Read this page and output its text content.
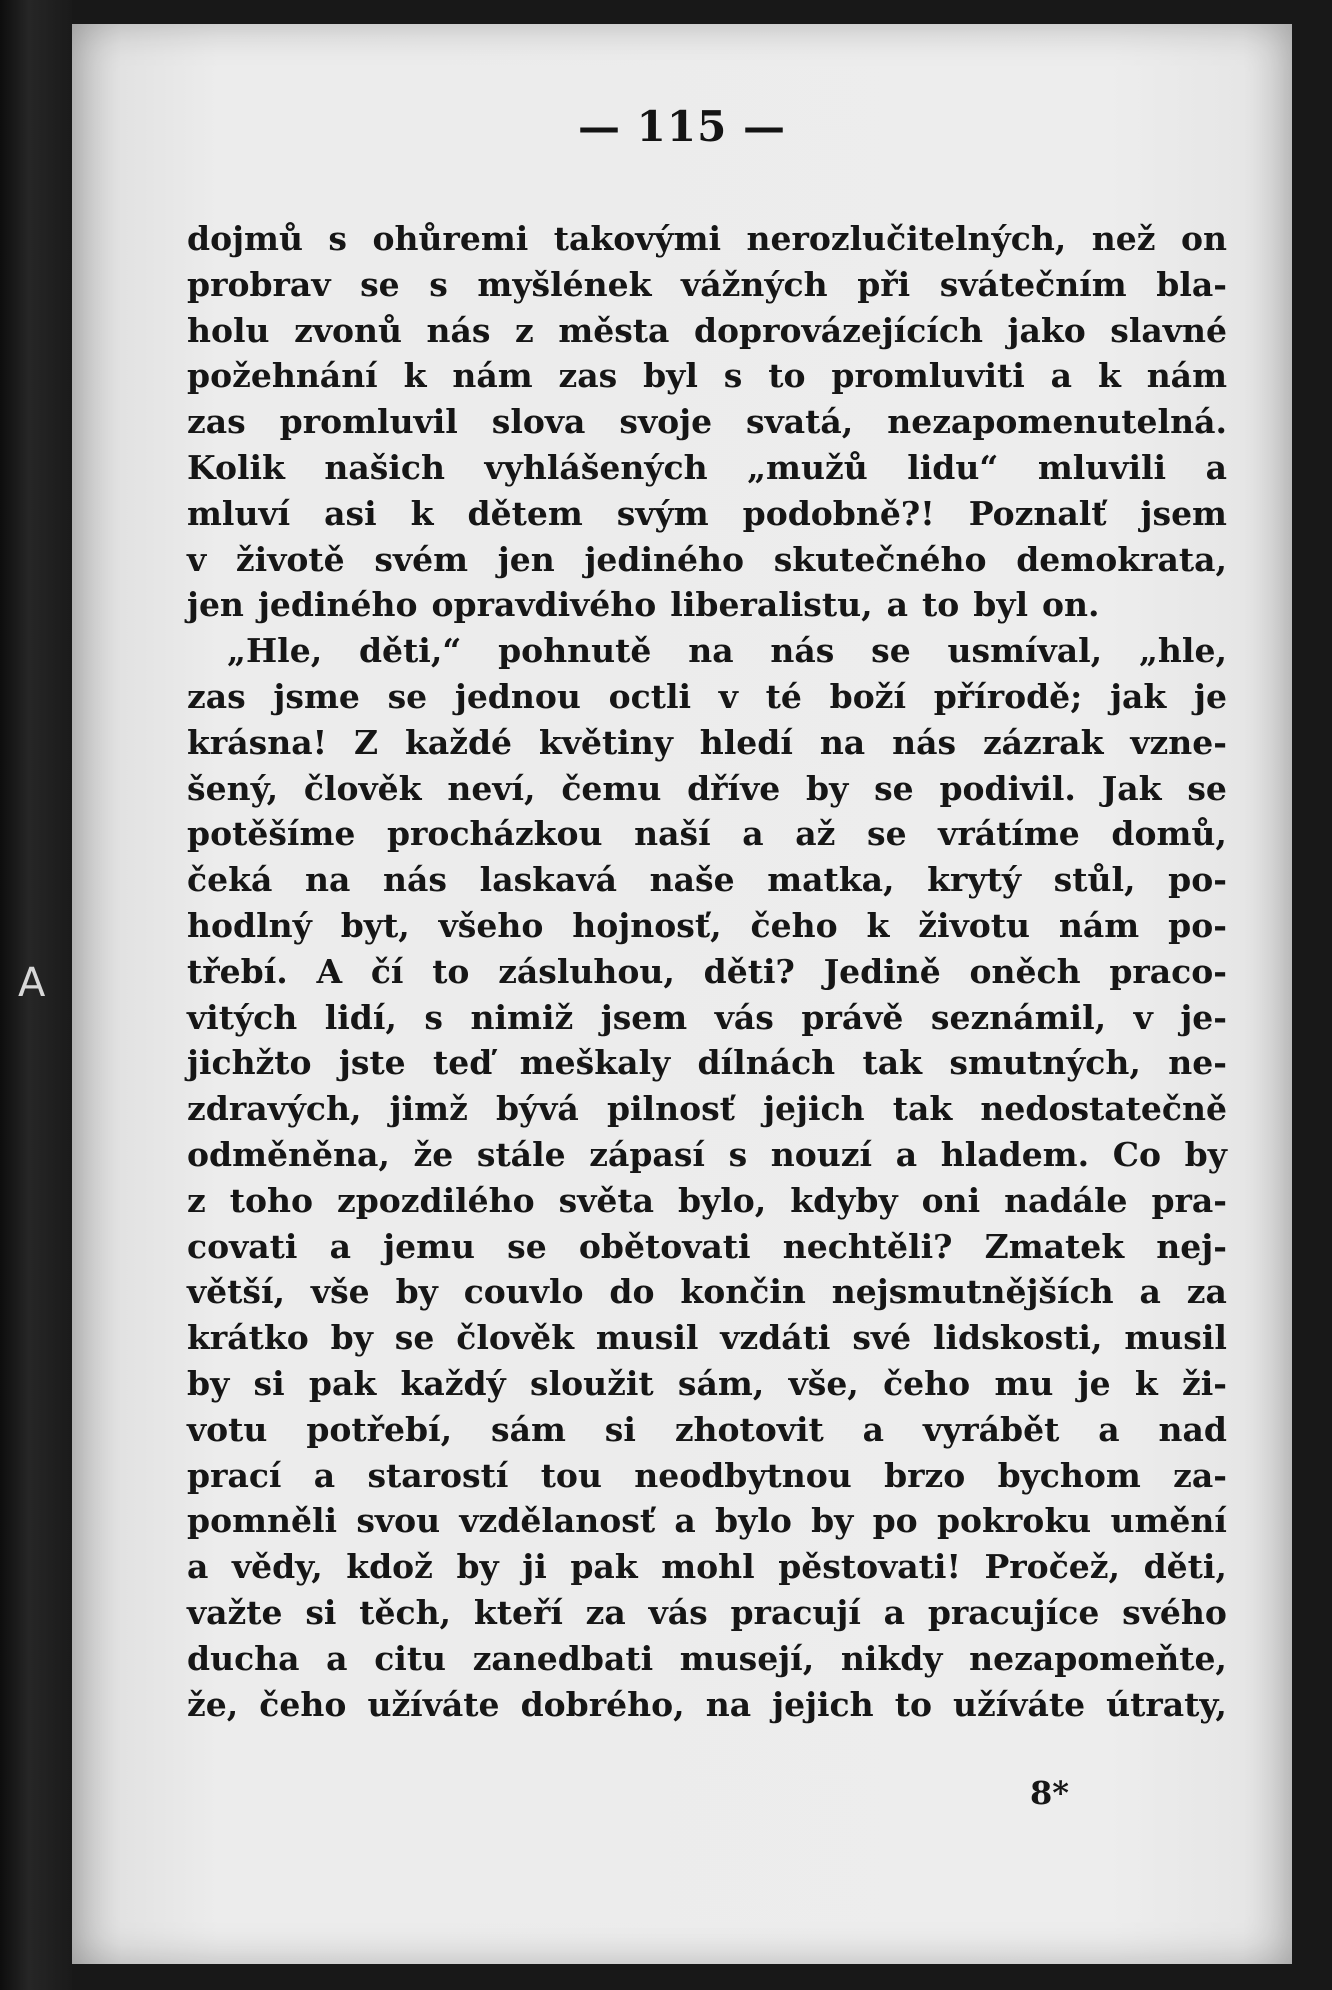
A
— 115 —
dojmů s ohůremi takovými nerozlučitelných, než on
probrav se s myšlének vážných při svátečním bla-
holu zvonů nás z města doprovázejících jako slavné
požehnání k nám zas byl s to promluviti a k nám
zas promluvil slova svoje svatá, nezapomenutelná.
Kolik našich vyhlášených „mužů lidu“ mluvili a
mluví asi k dětem svým podobně?! Poznalť jsem
v životě svém jen jediného skutečného demokrata,
jen jediného opravdivého liberalistu, a to byl on.
„Hle, děti,“ pohnutě na nás se usmíval, „hle,
zas jsme se jednou octli v té boží přírodě; jak je
krásna! Z každé květiny hledí na nás zázrak vzne-
šený, člověk neví, čemu dříve by se podivil. Jak se
potěšíme procházkou naší a až se vrátíme domů,
čeká na nás laskavá naše matka, krytý stůl, po-
hodlný byt, všeho hojnosť, čeho k životu nám po-
třebí. A čí to zásluhou, děti? Jedině oněch praco-
vitých lidí, s nimiž jsem vás právě seznámil, v je-
jichžto jste teď meškaly dílnách tak smutných, ne-
zdravých, jimž bývá pilnosť jejich tak nedostatečně
odměněna, že stále zápasí s nouzí a hladem. Co by
z toho zpozdilého světa bylo, kdyby oni nadále pra-
covati a jemu se obětovati nechtěli? Zmatek nej-
větší, vše by couvlo do končin nejsmutnějších a za
krátko by se člověk musil vzdáti své lidskosti, musil
by si pak každý sloužit sám, vše, čeho mu je k ži-
votu potřebí, sám si zhotovit a vyrábět a nad
prací a starostí tou neodbytnou brzo bychom za-
pomněli svou vzdělanosť a bylo by po pokroku umění
a vědy, kdož by ji pak mohl pěstovati! Pročež, děti,
važte si těch, kteří za vás pracují a pracujíce svého
ducha a citu zanedbati musejí, nikdy nezapomeňte,
že, čeho užíváte dobrého, na jejich to užíváte útraty,
8*
